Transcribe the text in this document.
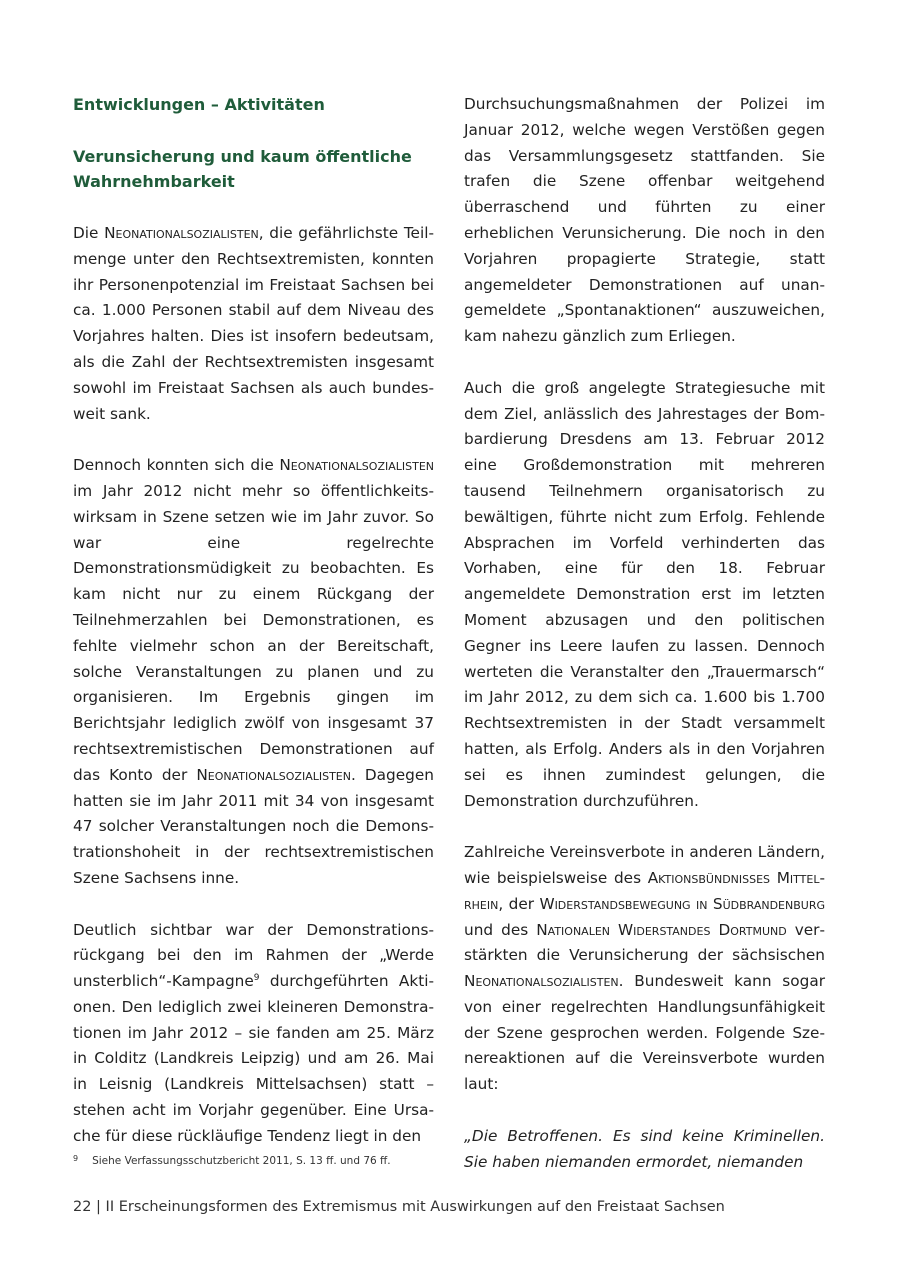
Entwicklungen – Aktivitäten
Verunsicherung und kaum öffentliche Wahrnehmbarkeit

Die Neonationalsozialisten, die gefährlichste Teilmenge unter den Rechtsextremisten, konnten ihr Personenpotenzial im Freistaat Sachsen bei ca. 1.000 Personen stabil auf dem Niveau des Vorjahres halten. Dies ist insofern bedeutsam, als die Zahl der Rechtsextremisten insgesamt sowohl im Freistaat Sachsen als auch bundesweit sank.

Dennoch konnten sich die Neonationalsozialisten im Jahr 2012 nicht mehr so öffentlichkeitswirksam in Szene setzen wie im Jahr zuvor. So war eine regelrechte Demonstrationsmüdigkeit zu beobachten. Es kam nicht nur zu einem Rückgang der Teilnehmerzahlen bei Demonstrationen, es fehlte vielmehr schon an der Bereitschaft, solche Veranstaltungen zu planen und zu organisieren. Im Ergebnis gingen im Berichtsjahr lediglich zwölf von insgesamt 37 rechtsextremistischen Demonstrationen auf das Konto der Neonationalsozialisten. Dagegen hatten sie im Jahr 2011 mit 34 von insgesamt 47 solcher Veranstaltungen noch die Demonstrationshoheit in der rechtsextremistischen Szene Sachsens inne.

Deutlich sichtbar war der Demonstrationsrückgang bei den im Rahmen der „Werde unsterblich“-Kampagne$^9$ durchgeführten Aktionen. Den lediglich zwei kleineren Demonstrationen im Jahr 2012 – sie fanden am 25. März in Colditz (Landkreis Leipzig) und am 26. Mai in Leisnig (Landkreis Mittelsachsen) statt – stehen acht im Vorjahr gegenüber. Eine Ursache für diese rückläufige Tendenz liegt in den

Durchsuchungsmaßnahmen der Polizei im Januar 2012, welche wegen Verstößen gegen das Versammlungsgesetz stattfanden. Sie trafen die Szene offenbar weitgehend überraschend und führten zu einer erheblichen Verunsicherung. Die noch in den Vorjahren propagierte Strategie, statt angemeldeter Demonstrationen auf unangemeldete „Spontanaktionen“ auszuweichen, kam nahezu gänzlich zum Erliegen.

Auch die groß angelegte Strategiesuche mit dem Ziel, anlässlich des Jahrestages der Bombardierung Dresdens am 13. Februar 2012 eine Großdemonstration mit mehreren tausend Teilnehmern organisatorisch zu bewältigen, führte nicht zum Erfolg. Fehlende Absprachen im Vorfeld verhinderten das Vorhaben, eine für den 18. Februar angemeldete Demonstration erst im letzten Moment abzusagen und den politischen Gegner ins Leere laufen zu lassen. Dennoch werteten die Veranstalter den „Trauermarsch“ im Jahr 2012, zu dem sich ca. 1.600 bis 1.700 Rechtsextremisten in der Stadt versammelt hatten, als Erfolg. Anders als in den Vorjahren sei es ihnen zumindest gelungen, die Demonstration durchzuführen.

Zahlreiche Vereinsverbote in anderen Ländern, wie beispielsweise des Aktionsbündnisses Mittelrhein, der Widerstandsbewegung in Südbrandenburg und des Nationalen Widerstandes Dortmund verstärkten die Verunsicherung der sächsischen Neonationalsozialisten. Bundesweit kann sogar von einer regelrechten Handlungsunfähigkeit der Szene gesprochen werden. Folgende Szenereaktionen auf die Vereinsverbote wurden laut:

„Die Betroffenen. Es sind keine Kriminellen. Sie haben niemanden ermordet, niemanden

$^9$ Siehe Verfassungsschutzbericht 2011, S. 13 ff. und 76 ff.
22 | II Erscheinungsformen des Extremismus mit Auswirkungen auf den Freistaat Sachsen
